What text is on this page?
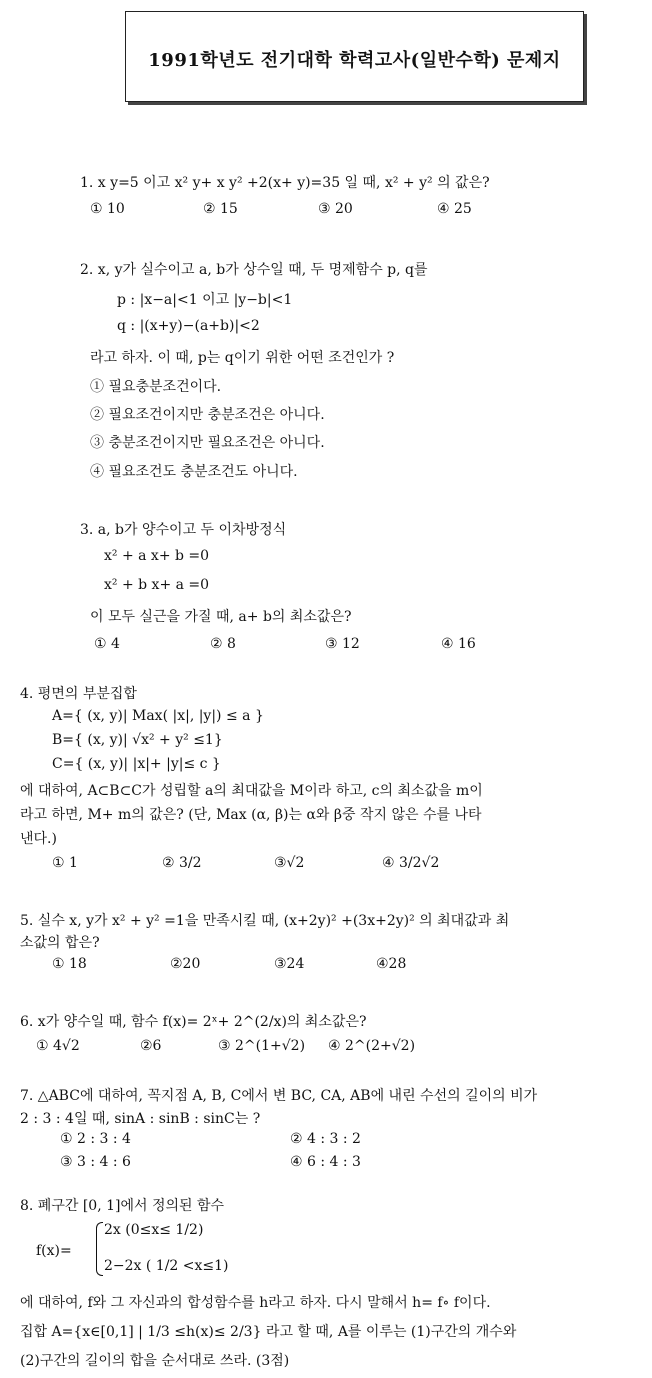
1991학년도 전기대학 학력고사(일반수학) 문제지
1. x y=5 이고 x² y+ x y² +2(x+ y)=35 일 때, x² + y² 의 값은?
① 10	② 15	③ 20	④ 25
2. x, y가 실수이고 a, b가 상수일 때, 두 명제함수 p, q를
p : |x−a|<1 이고 |y−b|<1
q : |(x+y)−(a+b)|<2
라고 하자. 이 때, p는 q이기 위한 어떤 조건인가 ?
① 필요충분조건이다.
② 필요조건이지만 충분조건은 아니다.
③ 충분조건이지만 필요조건은 아니다.
④ 필요조건도 충분조건도 아니다.
3. a, b가 양수이고 두 이차방정식
x² + a x+ b =0
x² + b x+ a =0
이 모두 실근을 가질 때, a+ b의 최소값은?
① 4	② 8	③ 12	④ 16
4. 평면의 부분집합
A={ (x, y)| Max( |x|, |y|) ≤ a }
B={ (x, y)| √x² + y² ≤1}
C={ (x, y)| |x|+ |y|≤ c }
에 대하여, A⊂B⊂C가 성립할 a의 최대값을 M이라 하고, c의 최소값을 m이
라고 하면, M+ m의 값은? (단, Max (α, β)는 α와 β중 작지 않은 수를 나타
낸다.)
① 1	② 3/2	③√2	④ 3/2√2
5. 실수 x, y가 x² + y² =1을 만족시킬 때, (x+2y)² +(3x+2y)² 의 최대값과 최
소값의 합은?
① 18	②20	③24	④28
6. x가 양수일 때, 함수 f(x)= 2ˣ+ 2^(2/x)의 최소값은?
① 4√2	②6	③ 2^(1+√2) ④ 2^(2+√2)
7. △ABC에 대하여, 꼭지점 A, B, C에서 변 BC, CA, AB에 내린 수선의 길이의 비가
2 : 3 : 4일 때, sinA : sinB : sinC는 ?
① 2 : 3 : 4	② 4 : 3 : 2
③ 3 : 4 : 6	④ 6 : 4 : 3
8. 폐구간 [0, 1]에서 정의된 함수
f(x)=
2x (0≤x≤ 1/2)
2−2x ( 1/2 <x≤1)
에 대하여, f와 그 자신과의 합성함수를 h라고 하자. 다시 말해서 h= f∘ f이다.
집합 A={x∈[0,1] | 1/3 ≤h(x)≤ 2/3} 라고 할 때, A를 이루는 (1)구간의 개수와
(2)구간의 길이의 합을 순서대로 쓰라. (3점)
